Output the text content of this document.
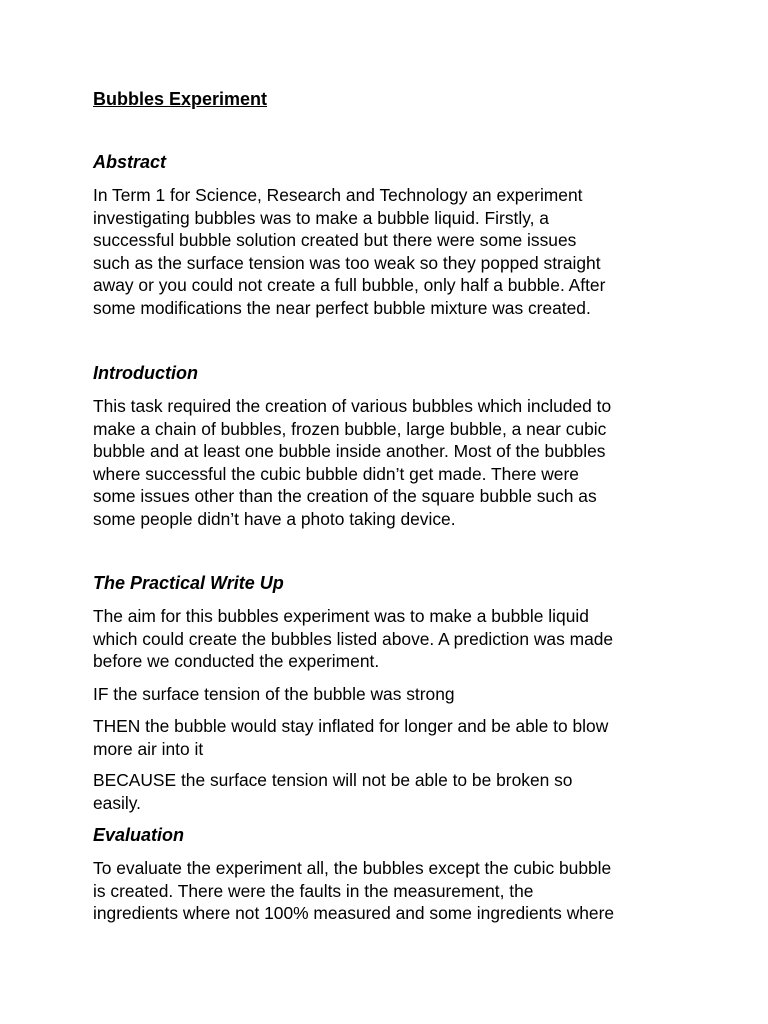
Bubbles Experiment
Abstract
In Term 1 for Science, Research and Technology an experiment
investigating bubbles was to make a bubble liquid. Firstly, a
successful bubble solution created but there were some issues
such as the surface tension was too weak so they popped straight
away or you could not create a full bubble, only half a bubble. After
some modifications the near perfect bubble mixture was created.
Introduction
This task required the creation of various bubbles which included to
make a chain of bubbles, frozen bubble, large bubble, a near cubic
bubble and at least one bubble inside another. Most of the bubbles
where successful the cubic bubble didn’t get made. There were
some issues other than the creation of the square bubble such as
some people didn’t have a photo taking device.
The Practical Write Up
The aim for this bubbles experiment was to make a bubble liquid
which could create the bubbles listed above. A prediction was made
before we conducted the experiment.
IF the surface tension of the bubble was strong
THEN the bubble would stay inflated for longer and be able to blow
more air into it
BECAUSE the surface tension will not be able to be broken so
easily.
Evaluation
To evaluate the experiment all, the bubbles except the cubic bubble
is created. There were the faults in the measurement, the
ingredients where not 100% measured and some ingredients where
